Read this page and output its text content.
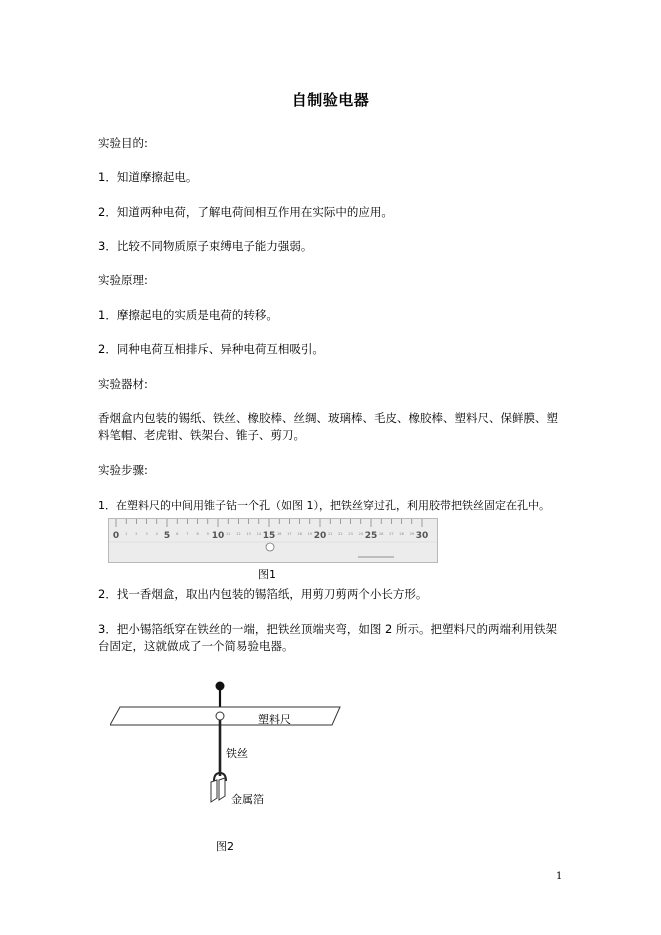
自制验电器
实验目的:
1．知道摩擦起电。
2．知道两种电荷，了解电荷间相互作用在实际中的应用。
3．比较不同物质原子束缚电子能力强弱。
实验原理:
1．摩擦起电的实质是电荷的转移。
2．同种电荷互相排斥、异种电荷互相吸引。
实验器材:
香烟盒内包装的锡纸、铁丝、橡胶棒、丝绸、玻璃棒、毛皮、橡胶棒、塑料尺、保鲜膜、塑料笔帽、老虎钳、铁架台、锥子、剪刀。
实验步骤:
1．在塑料尺的中间用锥子钻一个孔（如图 1），把铁丝穿过孔，利用胶带把铁丝固定在孔中。
1 2 3 4	6 7 8 9	11 12 13 14	16 17 18 19	21 22 23 24	26 27 28 29
0	5	10	15	20	25	30
图1
2．找一香烟盒，取出内包装的锡箔纸，用剪刀剪两个小长方形。
3．把小锡箔纸穿在铁丝的一端，把铁丝顶端夹弯，如图 2 所示。把塑料尺的两端利用铁架台固定，这就做成了一个简易验电器。
塑料尺
铁丝
金属箔
图2
1
